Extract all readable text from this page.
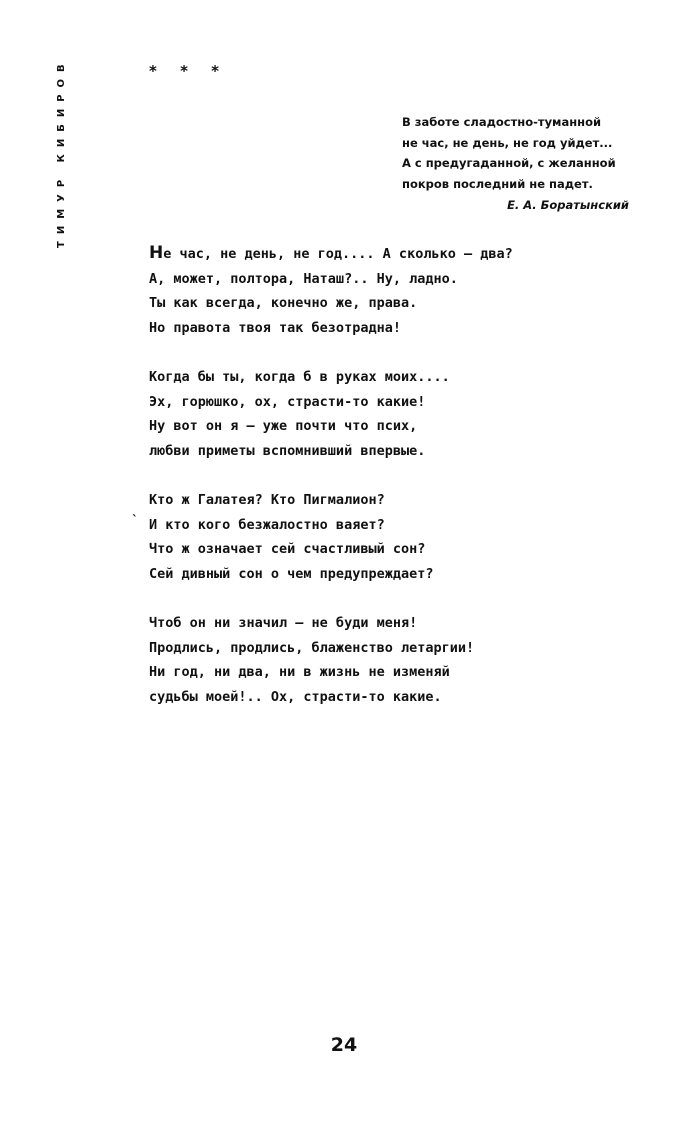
ТИМУР КИБИРОВ	* * *
В заботе сладостно-туманной
не час, не день, не год уйдет...
А с предугаданной, с желанной
покров последний не падет.
Е. А. Боратынский
Не час, не день, не год.... А сколько — два?
А, может, полтора, Наташ?.. Ну, ладно.
Ты как всегда, конечно же, права.
Но правота твоя так безотрадна!
Когда бы ты, когда б в руках моих....
Эх, горюшко, ох, страсти-то какие!
Ну вот он я — уже почти что псих,
любви приметы вспомнивший впервые.
Кто ж Галатея? Кто Пигмалион?
И кто кого безжалостно ваяет?
Что ж означает сей счастливый сон?
Сей дивный сон о чем предупреждает?
Чтоб он ни значил — не буди меня!
Продлись, продлись, блаженство летаргии!
Ни год, ни два, ни в жизнь не изменяй
судьбы моей!.. Ох, страсти-то какие.
ˋ
24
